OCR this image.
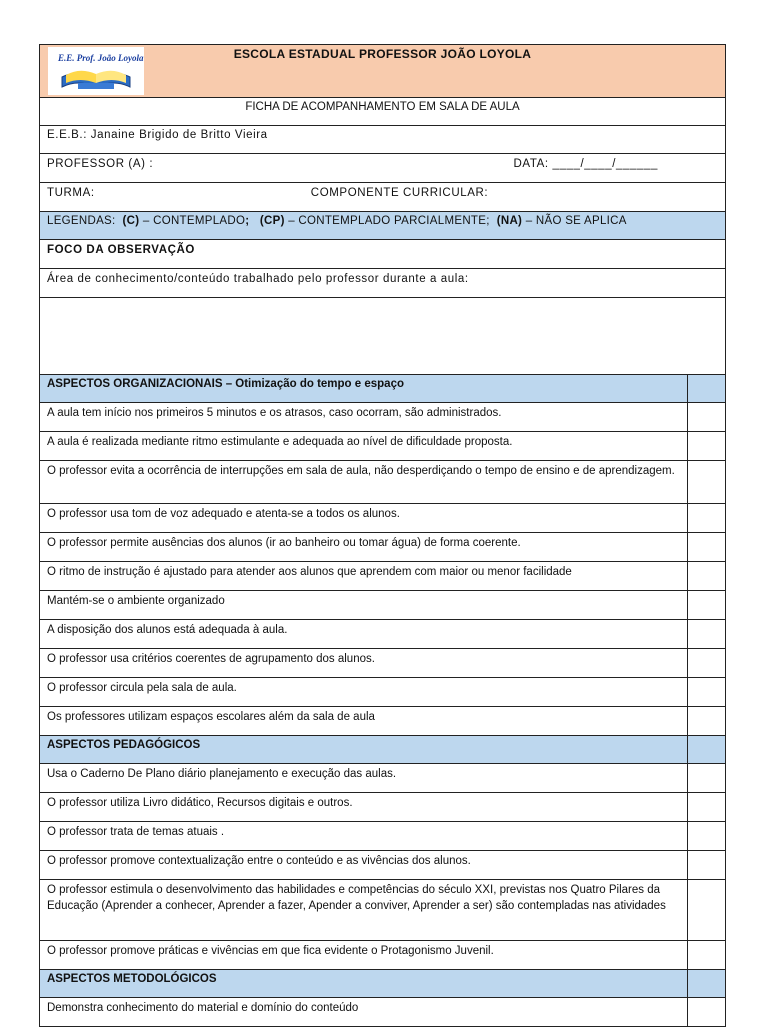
E.E. Prof. João Loyola ESCOLA ESTADUAL PROFESSOR JOÃO LOYOLA	

FICHA DE ACOMPANHAMENTO EM SALA DE AULA	
E.E.B.: Janaine Brigido de Britto Vieira	

PROFESSOR (A) : DATA: ____/____/______	

TURMA: COMPONENTE CURRICULAR:	
LEGENDAS: (C) – CONTEMPLADO; (CP) – CONTEMPLADO PARCIALMENTE; (NA) – NÃO SE APLICA	
FOCO DA OBSERVAÇÃO	
Área de conhecimento/conteúdo trabalhado pelo professor durante a aula:	

ASPECTOS ORGANIZACIONAIS – Otimização do tempo e espaço	
A aula tem início nos primeiros 5 minutos e os atrasos, caso ocorram, são administrados.	
A aula é realizada mediante ritmo estimulante e adequada ao nível de dificuldade proposta.	
O professor evita a ocorrência de interrupções em sala de aula, não desperdiçando o tempo de ensino e de aprendizagem.	
O professor usa tom de voz adequado e atenta-se a todos os alunos.	
O professor permite ausências dos alunos (ir ao banheiro ou tomar água) de forma coerente.	
O ritmo de instrução é ajustado para atender aos alunos que aprendem com maior ou menor facilidade	
Mantém-se o ambiente organizado	
A disposição dos alunos está adequada à aula.	
O professor usa critérios coerentes de agrupamento dos alunos.	
O professor circula pela sala de aula.	
Os professores utilizam espaços escolares além da sala de aula	
ASPECTOS PEDAGÓGICOS	
Usa o Caderno De Plano diário planejamento e execução das aulas.	
O professor utiliza Livro didático, Recursos digitais e outros.	
O professor trata de temas atuais .	
O professor promove contextualização entre o conteúdo e as vivências dos alunos.	
O professor estimula o desenvolvimento das habilidades e competências do século XXI, previstas nos Quatro Pilares da Educação (Aprender a conhecer, Aprender a fazer, Apender a conviver, Aprender a ser) são contempladas nas atividades	
O professor promove práticas e vivências em que fica evidente o Protagonismo Juvenil.	
ASPECTOS METODOLÓGICOS	
Demonstra conhecimento do material e domínio do conteúdo	
